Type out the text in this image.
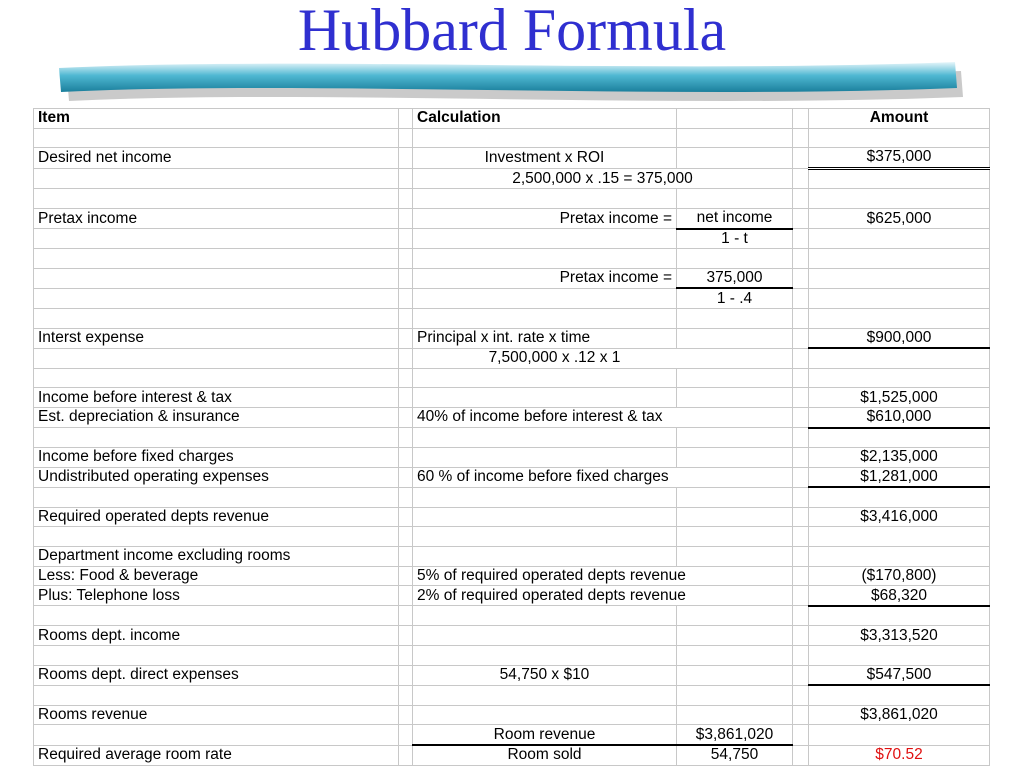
Hubbard Formula
Item		Calculation			Amount

Desired net income		Investment x ROI			$375,000
		2,500,000 x .15 = 375,000			

Pretax income		Pretax income =	net income		$625,000
			1 - t		

		Pretax income =	375,000		
			1 - .4		

Interst expense		Principal x int. rate x time			$900,000
		7,500,000 x .12 x 1			

Income before interest & tax					$1,525,000
Est. depreciation & insurance		40% of income before interest & tax			$610,000

Income before fixed charges					$2,135,000
Undistributed operating expenses		60 % of income before fixed charges			$1,281,000

Required operated depts revenue					$3,416,000

Department income excluding rooms					
Less: Food & beverage		5% of required operated depts revenue			($170,800)
Plus: Telephone loss		2% of required operated depts revenue			$68,320

Rooms dept. income					$3,313,520

Rooms dept. direct expenses		54,750 x $10			$547,500

Rooms revenue					$3,861,020
		Room revenue	$3,861,020		
Required average room rate		Room sold	54,750		$70.52
